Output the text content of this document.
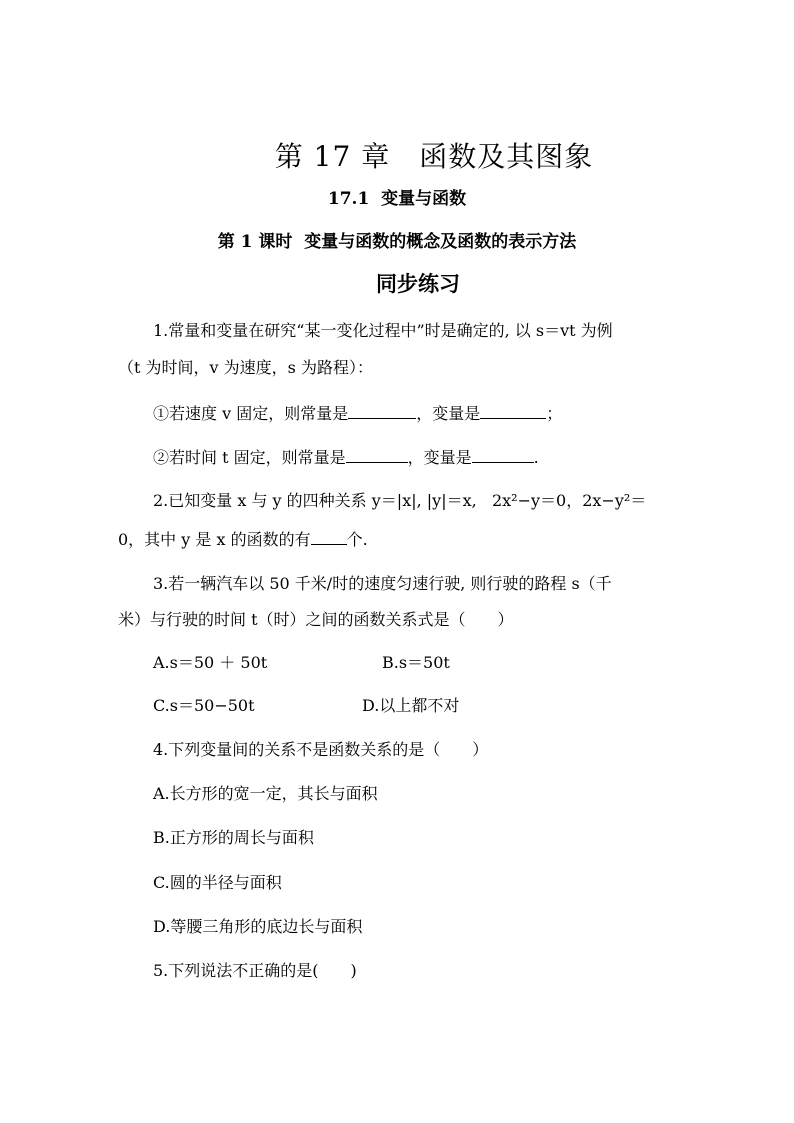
第 17 章　函数及其图象
17.1  变量与函数
第 1 课时  变量与函数的概念及函数的表示方法
同步练习
1.常量和变量在研究“某一变化过程中”时是确定的, 以 s＝vt 为例
（t 为时间，v 为速度，s 为路程）：
①若速度 v 固定，则常量是	，变量是	；
②若时间 t 固定，则常量是	，变量是	.
2.已知变量 x 与 y 的四种关系 y＝|x|, |y|＝x,   2x²−y＝0，2x−y²＝
0，其中 y 是 x 的函数的有 个.
3.若一辆汽车以 50 千米/时的速度匀速行驶, 则行驶的路程 s（千
米）与行驶的时间 t（时）之间的函数关系式是（　　）
A.s＝50 ＋ 50t	B.s＝50t
C.s＝50−50t	D.以上都不对
4.下列变量间的关系不是函数关系的是（　　）
A.长方形的宽一定，其长与面积
B.正方形的周长与面积
C.圆的半径与面积
D.等腰三角形的底边长与面积
5.下列说法不正确的是(　　)
